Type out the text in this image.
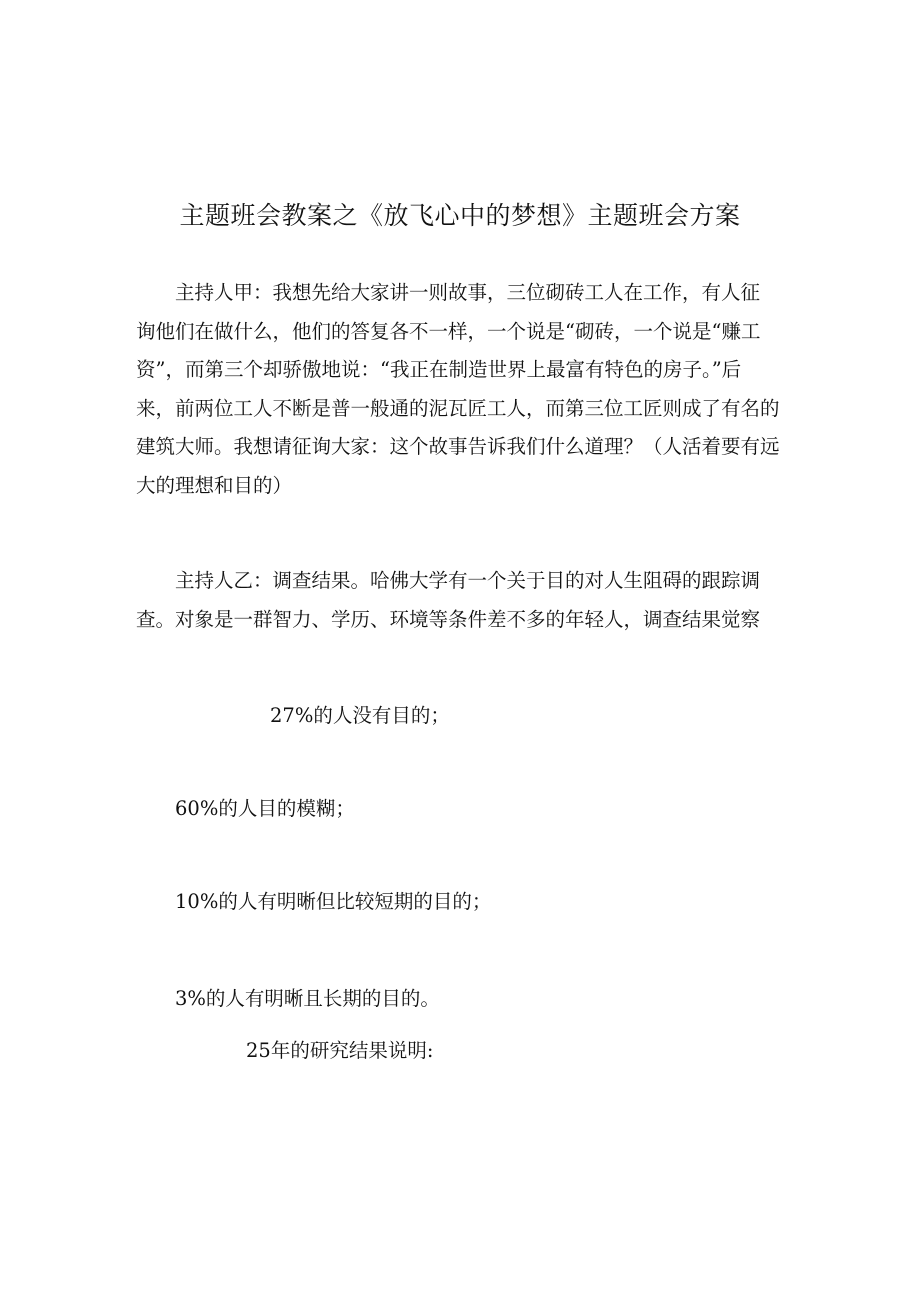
主题班会教案之《放飞心中的梦想》主题班会方案

主持人甲：我想先给大家讲一则故事，三位砌砖工人在工作，有人征
询他们在做什么，他们的答复各不一样，一个说是“砌砖，一个说是“赚工
资”，而第三个却骄傲地说：“我正在制造世界上最富有特色的房子。”后
来，前两位工人不断是普一般通的泥瓦匠工人，而第三位工匠则成了有名的
建筑大师。我想请征询大家：这个故事告诉我们什么道理？（人活着要有远
大的理想和目的）

主持人乙：调查结果。哈佛大学有一个关于目的对人生阻碍的跟踪调
查。对象是一群智力、学历、环境等条件差不多的年轻人，调查结果觉察

27%的人没有目的；

60%的人目的模糊；

10%的人有明晰但比较短期的目的；

3%的人有明晰且长期的目的。

25年的研究结果说明:
